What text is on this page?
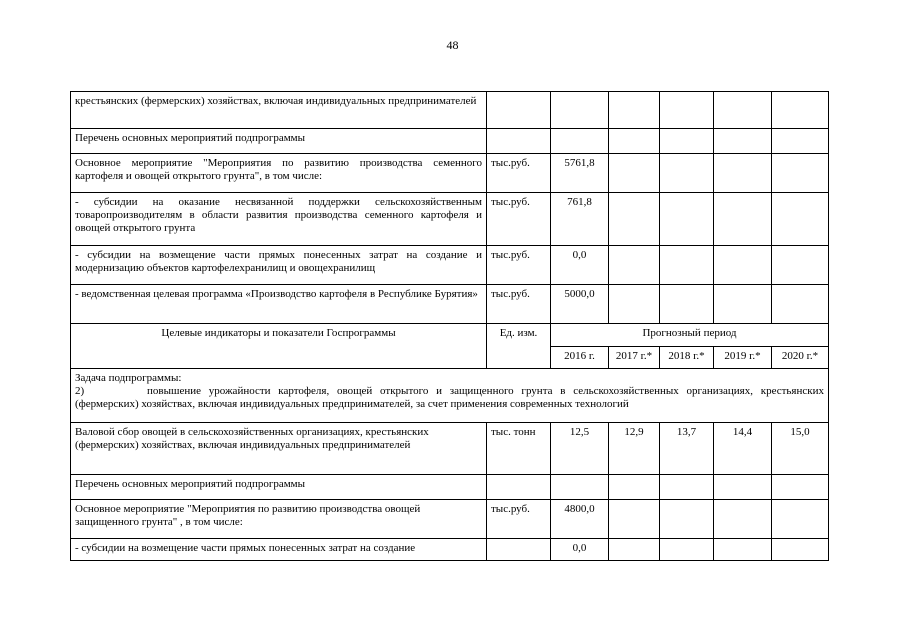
48
крестьянских (фермерских) хозяйствах, включая индивидуальных предпринимателей						
Перечень основных мероприятий подпрограммы						
Основное мероприятие "Мероприятия по развитию производства семенного картофеля и овощей открытого грунта", в том числе:	тыс.руб.	5761,8				
- субсидии на оказание несвязанной поддержки сельскохозяйственным товаропроизводителям в области развития производства семенного картофеля и овощей открытого грунта	тыс.руб.	761,8				
- субсидии на возмещение части прямых понесенных затрат на создание и модернизацию объектов картофелехранилищ и овощехранилищ	тыс.руб.	0,0				
- ведомственная целевая программа «Производство картофеля в Республике Бурятия»	тыс.руб.	5000,0				
Целевые индикаторы и показатели Госпрограммы	Ед. изм.	Прогнозный период				
		2016 г.	2017 г.*	2018 г.*	2019 г.*	2020 г.*

Задача подпрограммы:
2) повышение урожайности картофеля, овощей открытого и защищенного грунта в сельскохозяйственных организациях, крестьянских (фермерских) хозяйствах, включая индивидуальных предпринимателей, за счет применения современных технологий						
Валовой сбор овощей в сельскохозяйственных организациях, крестьянских (фермерских) хозяйствах, включая индивидуальных предпринимателей	тыс. тонн	12,5	12,9	13,7	14,4	15,0
Перечень основных мероприятий подпрограммы						
Основное мероприятие "Мероприятия по развитию производства овощей защищенного грунта" , в том числе:	тыс.руб.	4800,0				
- субсидии на возмещение части прямых понесенных затрат на создание		0,0				
